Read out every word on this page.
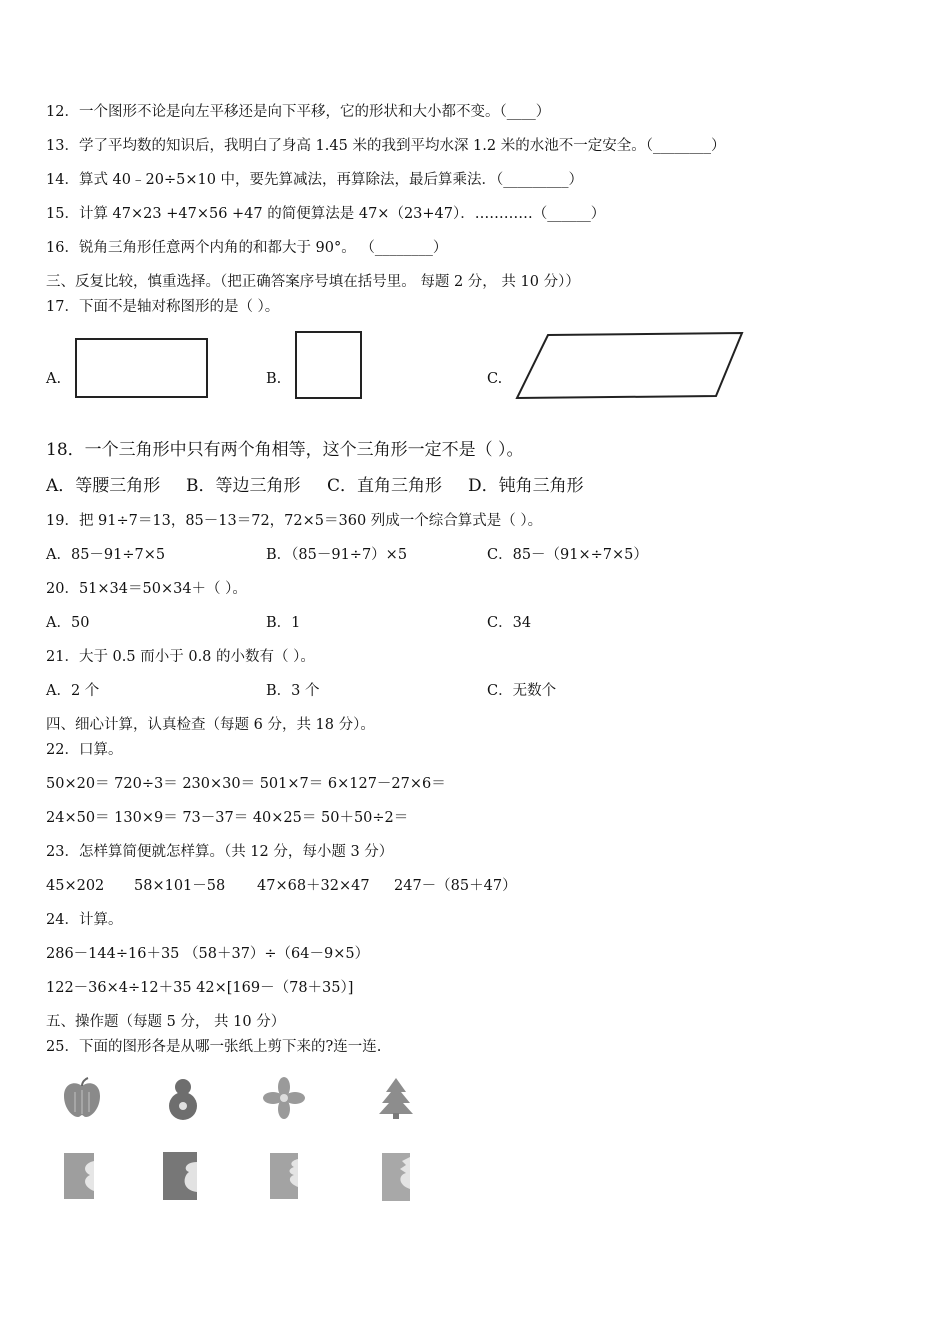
12．一个图形不论是向左平移还是向下平移，它的形状和大小都不变。（____）
13．学了平均数的知识后，我明白了身高 1.45 米的我到平均水深 1.2 米的水池不一定安全。（________）
14．算式 40﹣20÷5×10 中，要先算减法，再算除法，最后算乘法．（_________）
15．计算 47×23 +47×56 +47 的简便算法是 47×（23+47）．…………（______）
16．锐角三角形任意两个内角的和都大于 90°。 （________）
三、反复比较，慎重选择。（把正确答案序号填在括号里。 每题 2 分， 共 10 分））
17．下面不是轴对称图形的是（ ）。
A.	B.	C.
18．一个三角形中只有两个角相等，这个三角形一定不是（ ）。
A．等腰三角形 B．等边三角形 C．直角三角形 D．钝角三角形
19．把 91÷7＝13，85－13＝72，72×5＝360 列成一个综合算式是（ ）。
A．85－91÷7×5	B．（85－91÷7）×5	C．85－（91×÷7×5）
20．51×34＝50×34＋（ ）。
A．50	B．1	C．34
21．大于 0.5 而小于 0.8 的小数有（ ）。
A．2 个	B．3 个	C．无数个
四、细心计算，认真检查（每题 6 分，共 18 分）。
22．口算。
50×20＝ 720÷3＝ 230×30＝ 501×7＝ 6×127－27×6＝
24×50＝ 130×9＝ 73－37＝ 40×25＝ 50＋50÷2＝
23．怎样算简便就怎样算。（共 12 分，每小题 3 分）
45×202 58×101－58 47×68＋32×47 247－（85＋47）
24．计算。
286－144÷16＋35 （58＋37）÷（64－9×5）
122－36×4÷12＋35 42×[169－（78＋35）]
五、操作题（每题 5 分， 共 10 分）
25．下面的图形各是从哪一张纸上剪下来的?连一连.
